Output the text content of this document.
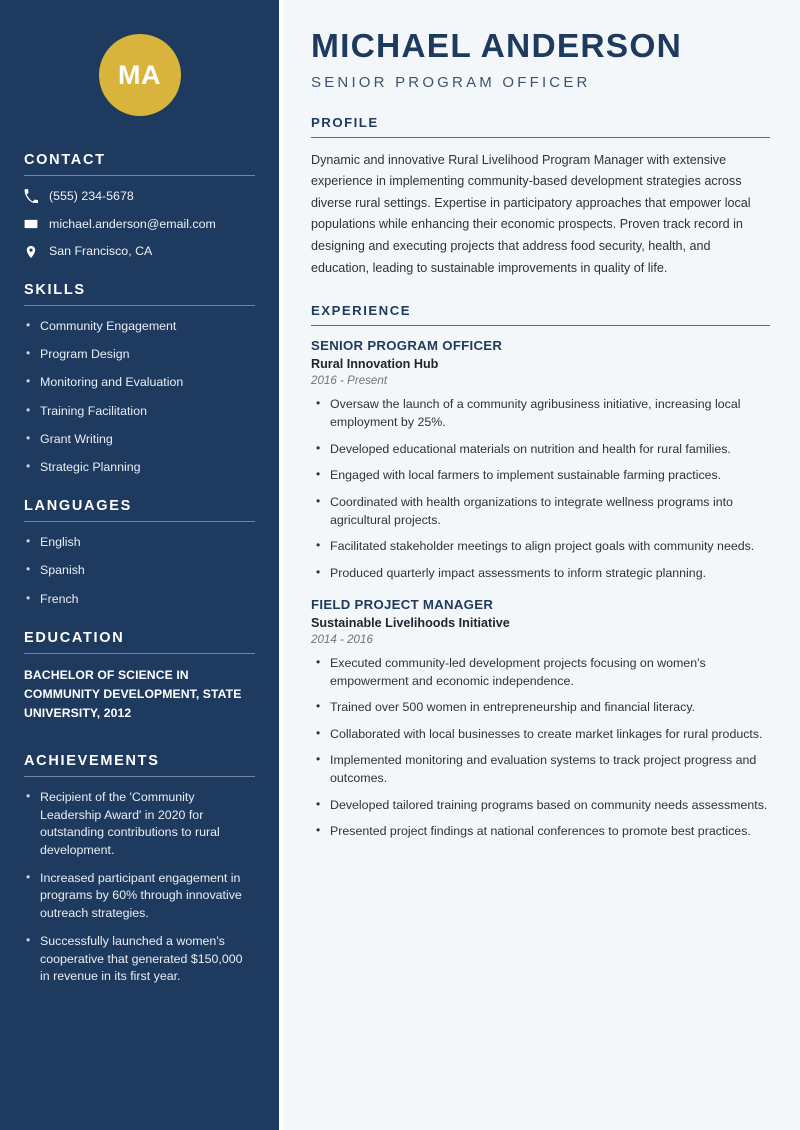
MA
CONTACT
(555) 234-5678
michael.anderson@email.com
San Francisco, CA
SKILLS
• Community Engagement
• Program Design
• Monitoring and Evaluation
• Training Facilitation
• Grant Writing
• Strategic Planning
LANGUAGES
• English
• Spanish
• French
EDUCATION
BACHELOR OF SCIENCE IN COMMUNITY DEVELOPMENT, STATE UNIVERSITY, 2012
ACHIEVEMENTS
• Recipient of the 'Community Leadership Award' in 2020 for outstanding contributions to rural development.
• Increased participant engagement in programs by 60% through innovative outreach strategies.
• Successfully launched a women's cooperative that generated $150,000 in revenue in its first year.
MICHAEL ANDERSON
SENIOR PROGRAM OFFICER
PROFILE

Dynamic and innovative Rural Livelihood Program Manager with extensive experience in implementing community-based development strategies across diverse rural settings. Expertise in participatory approaches that empower local populations while enhancing their economic prospects. Proven track record in designing and executing projects that address food security, health, and education, leading to sustainable improvements in quality of life.

EXPERIENCE
SENIOR PROGRAM OFFICER
Rural Innovation Hub
2016 - Present
• Oversaw the launch of a community agribusiness initiative, increasing local employment by 25%.
• Developed educational materials on nutrition and health for rural families.
• Engaged with local farmers to implement sustainable farming practices.
• Coordinated with health organizations to integrate wellness programs into agricultural projects.
• Facilitated stakeholder meetings to align project goals with community needs.
• Produced quarterly impact assessments to inform strategic planning.
FIELD PROJECT MANAGER
Sustainable Livelihoods Initiative
2014 - 2016
• Executed community-led development projects focusing on women's empowerment and economic independence.
• Trained over 500 women in entrepreneurship and financial literacy.
• Collaborated with local businesses to create market linkages for rural products.
• Implemented monitoring and evaluation systems to track project progress and outcomes.
• Developed tailored training programs based on community needs assessments.
• Presented project findings at national conferences to promote best practices.
